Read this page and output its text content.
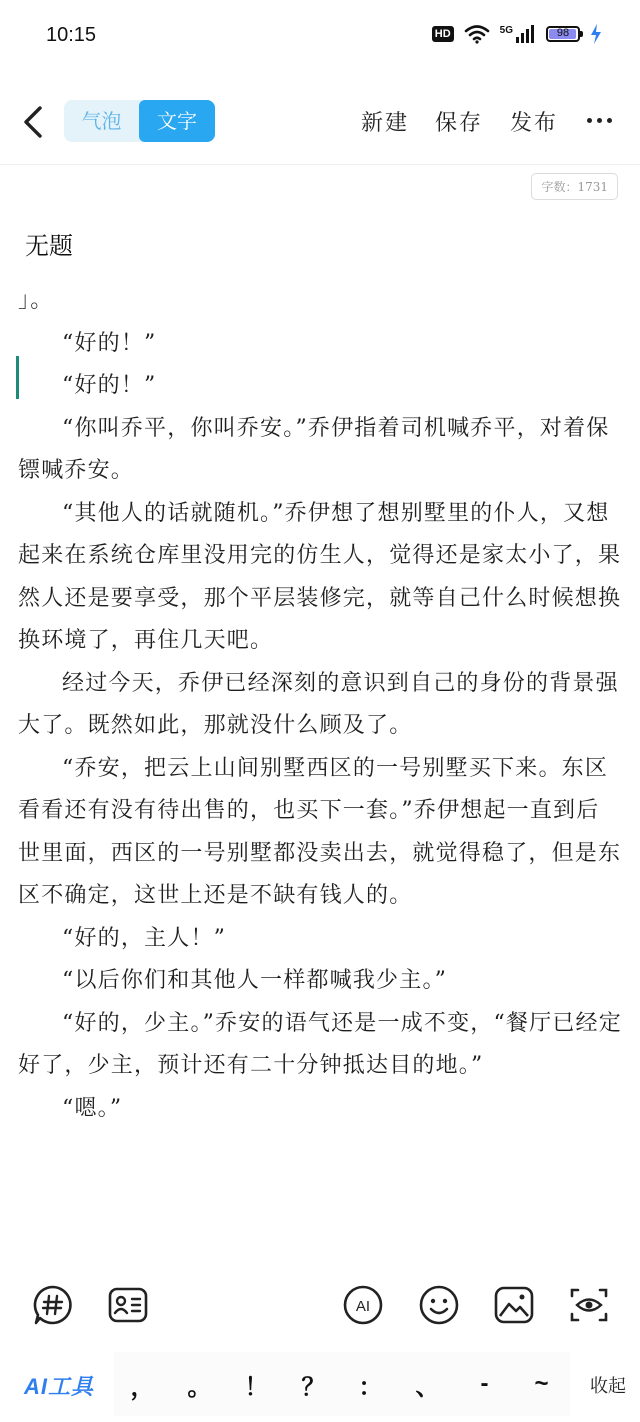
10:15	HD	5G	98
气泡	文字	新建 保存 发布
字数：1731
无题

」。

“好的！”

“好的！”

“你叫乔平，你叫乔安。”乔伊指着司机喊乔平，对着保镖喊乔安。

“其他人的话就随机。”乔伊想了想别墅里的仆人，又想起来在系统仓库里没用完的仿生人，觉得还是家太小了，果然人还是要享受，那个平层装修完，就等自己什么时候想换换环境了，再住几天吧。

经过今天，乔伊已经深刻的意识到自己的身份的背景强大了。既然如此，那就没什么顾及了。

“乔安，把云上山间别墅西区的一号别墅买下来。东区看看还有没有待出售的，也买下一套。”乔伊想起一直到后世里面，西区的一号别墅都没卖出去，就觉得稳了，但是东区不确定，这世上还是不缺有钱人的。

“好的，主人！”

“以后你们和其他人一样都喊我少主。”

“好的，少主。”乔安的语气还是一成不变，“餐厅已经定好了，少主，预计还有二十分钟抵达目的地。”

“嗯。”

AI
AI工具 ， 。 ！ ？ ： 、	-	~ 收起
